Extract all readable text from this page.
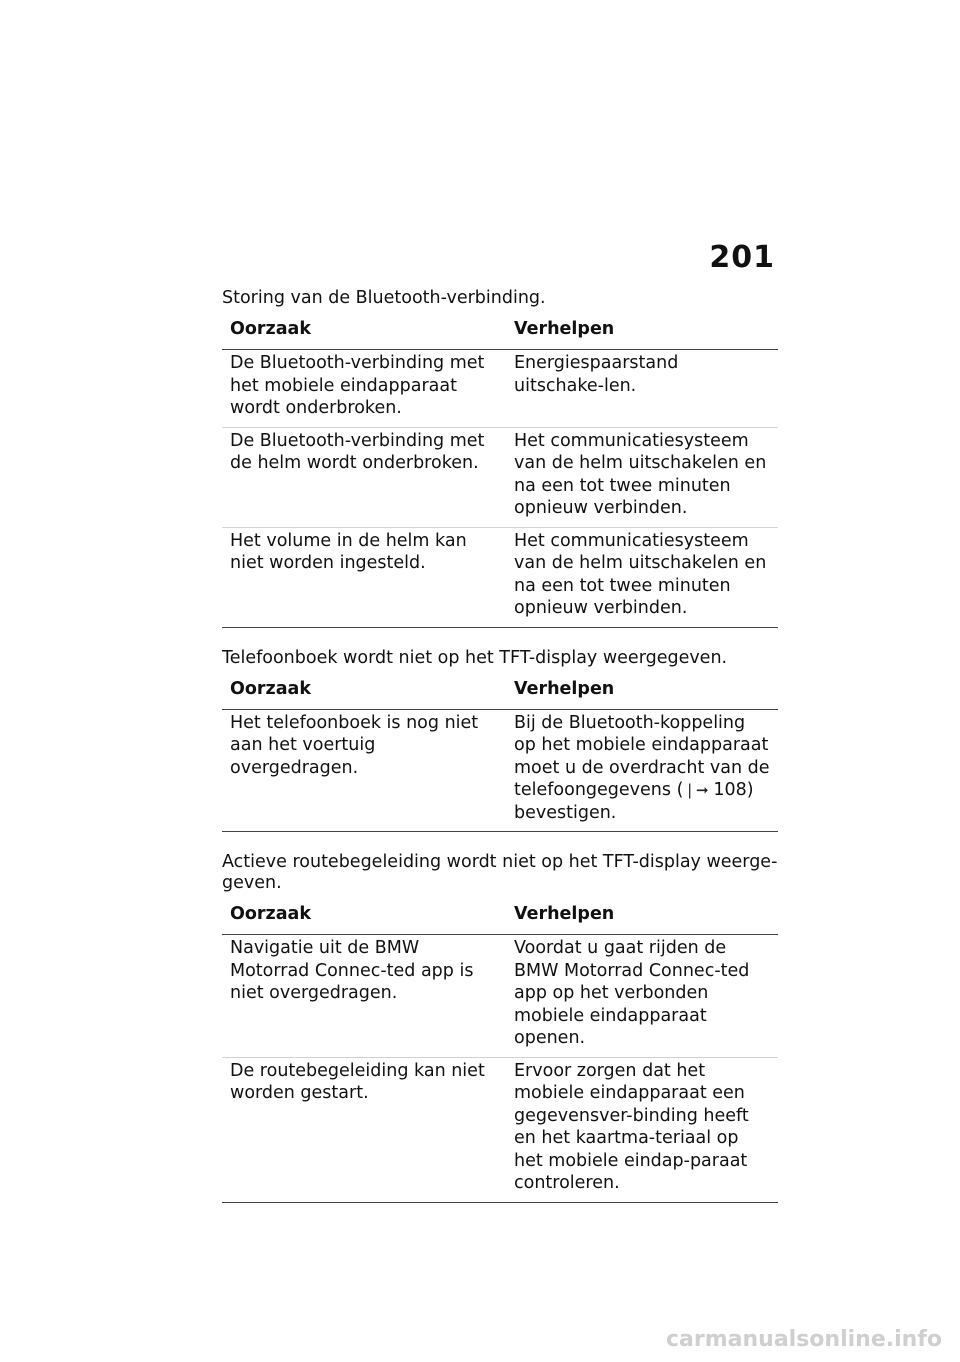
201

Storing van de Bluetooth-verbinding.

Oorzaak	Verhelpen
De Bluetooth-verbinding met het mobiele eindapparaat wordt onderbroken.	Energiespaarstand uitschake-len.
De Bluetooth-verbinding met de helm wordt onderbroken.	Het communicatiesysteem van de helm uitschakelen en na een tot twee minuten opnieuw verbinden.
Het volume in de helm kan niet worden ingesteld.	Het communicatiesysteem van de helm uitschakelen en na een tot twee minuten opnieuw verbinden.

Telefoonboek wordt niet op het TFT-display weergegeven.

Oorzaak	Verhelpen
Het telefoonboek is nog niet aan het voertuig overgedragen.	Bij de Bluetooth-koppeling op het mobiele eindapparaat moet u de overdracht van de telefoongegevens (❘➞ 108) bevestigen.

Actieve routebegeleiding wordt niet op het TFT-display weerge-geven.

Oorzaak	Verhelpen
Navigatie uit de BMW Motorrad Connec-ted app is niet overgedragen.	Voordat u gaat rijden de BMW Motorrad Connec-ted app op het verbonden mobiele eindapparaat openen.
De routebegeleiding kan niet worden gestart.	Ervoor zorgen dat het mobiele eindapparaat een gegevensver-binding heeft en het kaartma-teriaal op het mobiele eindap-paraat controleren.
carmanualsonline.info
